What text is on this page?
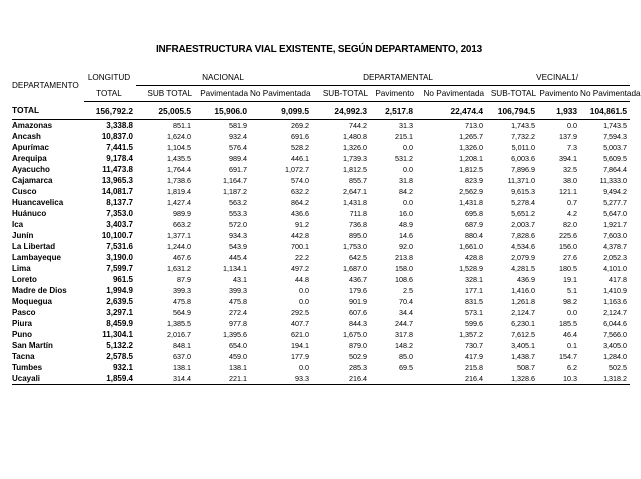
INFRAESTRUCTURA VIAL EXISTENTE, SEGÚN DEPARTAMENTO, 2013
DEPARTAMENTO	LONGITUD	NACIONAL			DEPARTAMENTAL			VECINAL1/		
	TOTAL	SUB TOTAL	Pavimentada	No Pavimentada	SUB-TOTAL	Pavimento	No Pavimentada	SUB-TOTAL	Pavimento	No Pavimentada
TOTAL	156,792.2	25,005.5	15,906.0	9,099.5	24,992.3	2,517.8	22,474.4	106,794.5	1,933	104,861.5
Amazonas	3,338.8	851.1	581.9	269.2	744.2	31.3	713.0	1,743.5	0.0	1,743.5
Ancash	10,837.0	1,624.0	932.4	691.6	1,480.8	215.1	1,265.7	7,732.2	137.9	7,594.3
Apurímac	7,441.5	1,104.5	576.4	528.2	1,326.0	0.0	1,326.0	5,011.0	7.3	5,003.7
Arequipa	9,178.4	1,435.5	989.4	446.1	1,739.3	531.2	1,208.1	6,003.6	394.1	5,609.5
Ayacucho	11,473.8	1,764.4	691.7	1,072.7	1,812.5	0.0	1,812.5	7,896.9	32.5	7,864.4
Cajamarca	13,965.3	1,738.6	1,164.7	574.0	855.7	31.8	823.9	11,371.0	38.0	11,333.0
Cusco	14,081.7	1,819.4	1,187.2	632.2	2,647.1	84.2	2,562.9	9,615.3	121.1	9,494.2
Huancavelica	8,137.7	1,427.4	563.2	864.2	1,431.8	0.0	1,431.8	5,278.4	0.7	5,277.7
Huánuco	7,353.0	989.9	553.3	436.6	711.8	16.0	695.8	5,651.2	4.2	5,647.0
Ica	3,403.7	663.2	572.0	91.2	736.8	48.9	687.9	2,003.7	82.0	1,921.7
Junín	10,100.7	1,377.1	934.3	442.8	895.0	14.6	880.4	7,828.6	225.6	7,603.0
La Libertad	7,531.6	1,244.0	543.9	700.1	1,753.0	92.0	1,661.0	4,534.6	156.0	4,378.7
Lambayeque	3,190.0	467.6	445.4	22.2	642.5	213.8	428.8	2,079.9	27.6	2,052.3
Lima	7,599.7	1,631.2	1,134.1	497.2	1,687.0	158.0	1,528.9	4,281.5	180.5	4,101.0
Loreto	961.5	87.9	43.1	44.8	436.7	108.6	328.1	436.9	19.1	417.8
Madre de Dios	1,994.9	399.3	399.3	0.0	179.6	2.5	177.1	1,416.0	5.1	1,410.9
Moquegua	2,639.5	475.8	475.8	0.0	901.9	70.4	831.5	1,261.8	98.2	1,163.6
Pasco	3,297.1	564.9	272.4	292.5	607.6	34.4	573.1	2,124.7	0.0	2,124.7
Piura	8,459.9	1,385.5	977.8	407.7	844.3	244.7	599.6	6,230.1	185.5	6,044.6
Puno	11,304.1	2,016.7	1,395.6	621.0	1,675.0	317.8	1,357.2	7,612.5	46.4	7,566.0
San Martín	5,132.2	848.1	654.0	194.1	879.0	148.2	730.7	3,405.1	0.1	3,405.0
Tacna	2,578.5	637.0	459.0	177.9	502.9	85.0	417.9	1,438.7	154.7	1,284.0
Tumbes	932.1	138.1	138.1	0.0	285.3	69.5	215.8	508.7	6.2	502.5
Ucayali	1,859.4	314.4	221.1	93.3	216.4		216.4	1,328.6	10.3	1,318.2
